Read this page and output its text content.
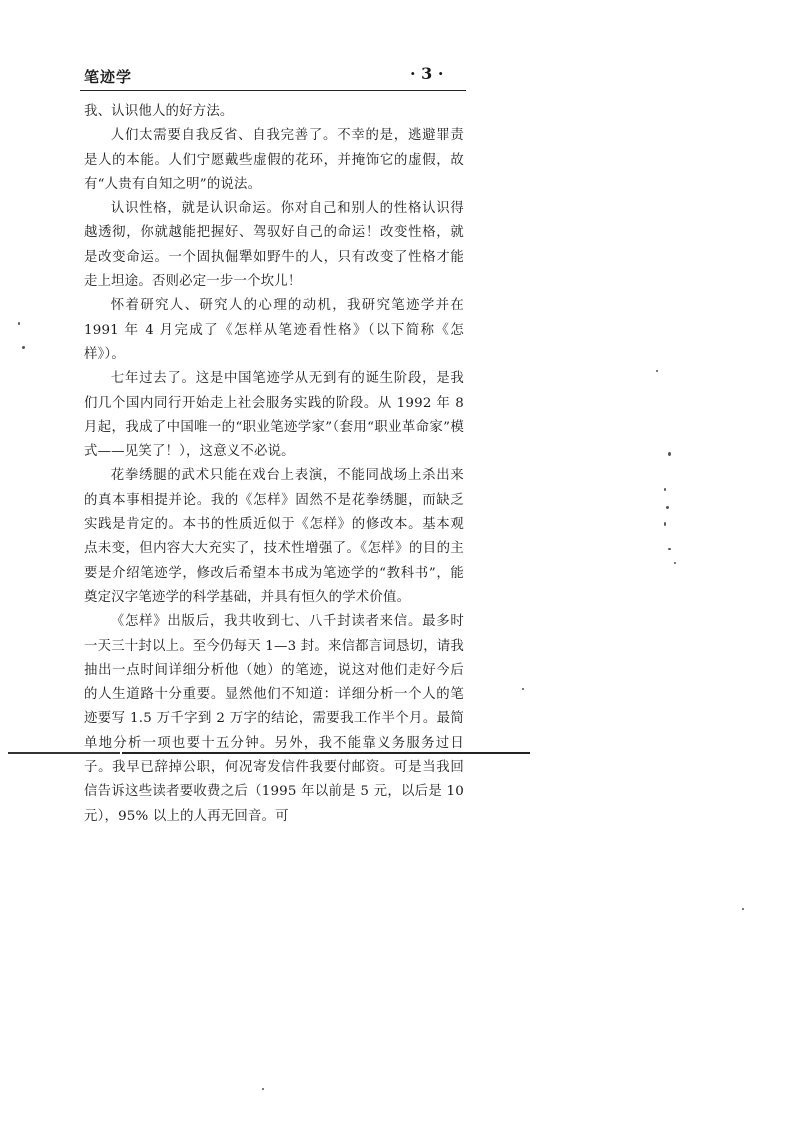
笔迹学	· 3 ·

我、认识他人的好方法。

人们太需要自我反省、自我完善了。不幸的是，逃避罪责是人的本能。人们宁愿戴些虚假的花环，并掩饰它的虚假，故有“人贵有自知之明”的说法。

认识性格，就是认识命运。你对自己和别人的性格认识得越透彻，你就越能把握好、驾驭好自己的命运！改变性格，就是改变命运。一个固执倔犟如野牛的人，只有改变了性格才能走上坦途。否则必定一步一个坎儿！

怀着研究人、研究人的心理的动机，我研究笔迹学并在 1991 年 4 月完成了《怎样从笔迹看性格》（以下简称《怎样》）。

七年过去了。这是中国笔迹学从无到有的诞生阶段，是我们几个国内同行开始走上社会服务实践的阶段。从 1992 年 8 月起，我成了中国唯一的“职业笔迹学家”（套用“职业革命家”模式——见笑了！），这意义不必说。

花拳绣腿的武术只能在戏台上表演，不能同战场上杀出来的真本事相提并论。我的《怎样》固然不是花拳绣腿，而缺乏实践是肯定的。本书的性质近似于《怎样》的修改本。基本观点未变，但内容大大充实了，技术性增强了。《怎样》的目的主要是介绍笔迹学，修改后希望本书成为笔迹学的“教科书”，能奠定汉字笔迹学的科学基础，并具有恒久的学术价值。

《怎样》出版后，我共收到七、八千封读者来信。最多时一天三十封以上。至今仍每天 1—3 封。来信都言词恳切，请我抽出一点时间详细分析他（她）的笔迹，说这对他们走好今后的人生道路十分重要。显然他们不知道：详细分析一个人的笔迹要写 1.5 万千字到 2 万字的结论，需要我工作半个月。最简单地分析一项也要十五分钟。另外，我不能靠义务服务过日子。我早已辞掉公职，何况寄发信件我要付邮资。可是当我回信告诉这些读者要收费之后（1995 年以前是 5 元，以后是 10 元），95% 以上的人再无回音。可
